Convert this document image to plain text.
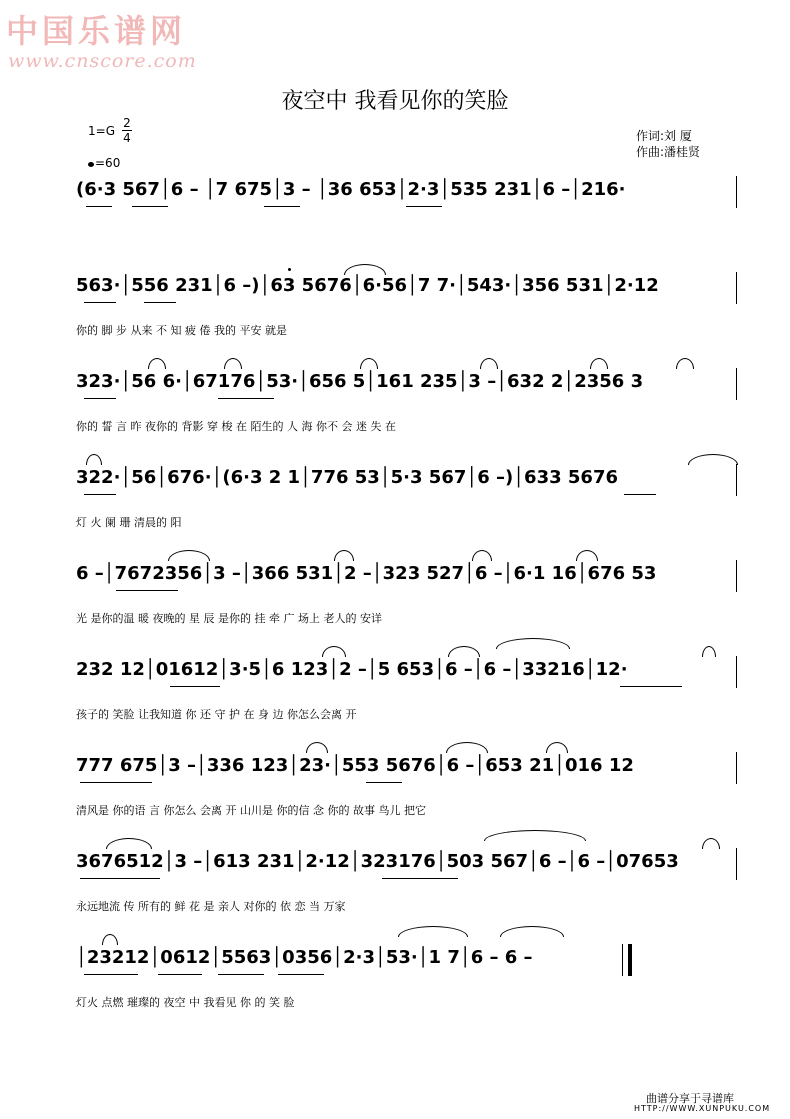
中国乐谱网
www.cnscore.com
夜空中 我看见你的笑脸
1=G
2
4
=60
作词:刘 厦
作曲:潘桂贤
(6·3 567│6 – │7 675│3 – │36 653│2·3│535 231│6 –│216·
563·│556 231│6 –)│63 5676│6·56│7 7·│543·│356 531│2·12
你的 脚 步 从来 不 知 疲 倦 我的 平安 就是
323·│56 6·│67176│53·│656 5│161 235│3 –│632 2│2356 3
你的 誓 言 昨 夜你的 背影 穿 梭 在 陌生的 人 海 你不 会 迷 失 在
322·│56│676·│(6·3 2 1│776 53│5·3 567│6 –)│633 5676
灯 火 阑 珊 清晨的 阳
6 –│7672356│3 –│366 531│2 –│323 527│6 –│6·1 16│676 53
光 是你的温 暖 夜晚的 星 辰 是你的 挂 牵 广 场上 老人的 安详
232 12│01612│3·5│6 123│2 –│5 653│6 –│6 –│33216│12·
孩子的 笑脸 让我知道 你 还 守 护 在 身 边 你怎么会离 开
777 675│3 –│336 123│23·│553 5676│6 –│653 21│016 12
清风是 你的语 言 你怎么 会离 开 山川是 你的信 念 你的 故事 鸟儿 把它
3676512│3 –│613 231│2·12│323176│503 567│6 –│6 –│07653
永远地流 传 所有的 鲜 花 是 亲人 对你的 依 恋 当 万家
│23212│0612│5563│0356│2·3│53·│1 7│6 – 6 –
灯火 点燃 璀璨的 夜空 中 我看见 你 的 笑 脸
曲谱分享于寻谱库
HTTP://WWW.XUNPUKU.COM
